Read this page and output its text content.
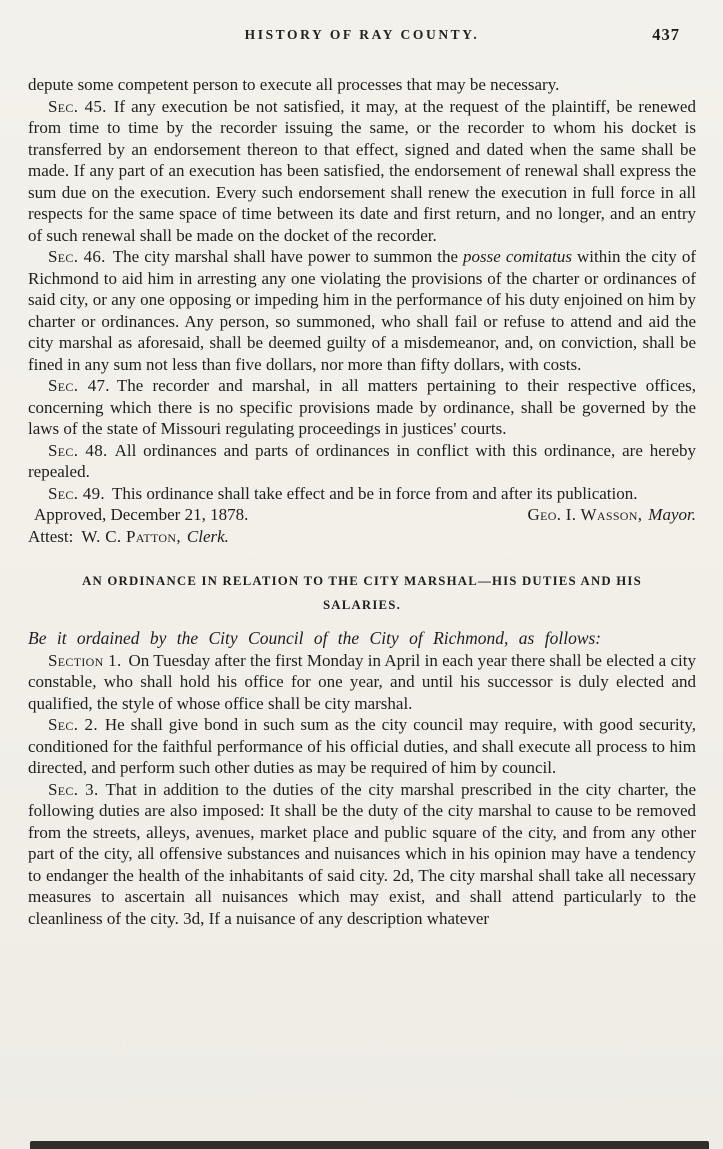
HISTORY OF RAY COUNTY.	437

depute some competent person to execute all processes that may be necessary.

Sec. 45. If any execution be not satisfied, it may, at the request of the plaintiff, be renewed from time to time by the recorder issuing the same, or the recorder to whom his docket is transferred by an endorsement thereon to that effect, signed and dated when the same shall be made. If any part of an execution has been satisfied, the endorsement of renewal shall express the sum due on the execution. Every such endorsement shall renew the execution in full force in all respects for the same space of time between its date and first return, and no longer, and an entry of such renewal shall be made on the docket of the recorder.

Sec. 46. The city marshal shall have power to summon the posse comitatus within the city of Richmond to aid him in arresting any one violating the provisions of the charter or ordinances of said city, or any one opposing or impeding him in the performance of his duty enjoined on him by charter or ordinances. Any person, so summoned, who shall fail or refuse to attend and aid the city marshal as aforesaid, shall be deemed guilty of a misdemeanor, and, on conviction, shall be fined in any sum not less than five dollars, nor more than fifty dollars, with costs.

Sec. 47. The recorder and marshal, in all matters pertaining to their respective offices, concerning which there is no specific provisions made by ordinance, shall be governed by the laws of the state of Missouri regulating proceedings in justices' courts.

Sec. 48. All ordinances and parts of ordinances in conflict with this ordinance, are hereby repealed.

Sec. 49. This ordinance shall take effect and be in force from and after its publication.

Approved, December 21, 1878.	Geo. I. Wasson, Mayor.

Attest: W. C. Patton, Clerk.

AN ORDINANCE IN RELATION TO THE CITY MARSHAL—HIS DUTIES AND HIS
SALARIES.

Be it ordained by the City Council of the City of Richmond, as follows:

Section 1. On Tuesday after the first Monday in April in each year there shall be elected a city constable, who shall hold his office for one year, and until his successor is duly elected and qualified, the style of whose office shall be city marshal.

Sec. 2. He shall give bond in such sum as the city council may require, with good security, conditioned for the faithful performance of his official duties, and shall execute all process to him directed, and perform such other duties as may be required of him by council.

Sec. 3. That in addition to the duties of the city marshal prescribed in the city charter, the following duties are also imposed: It shall be the duty of the city marshal to cause to be removed from the streets, alleys, avenues, market place and public square of the city, and from any other part of the city, all offensive substances and nuisances which in his opinion may have a tendency to endanger the health of the inhabitants of said city. 2d, The city marshal shall take all necessary measures to ascertain all nuisances which may exist, and shall attend particularly to the cleanliness of the city. 3d, If a nuisance of any description whatever
